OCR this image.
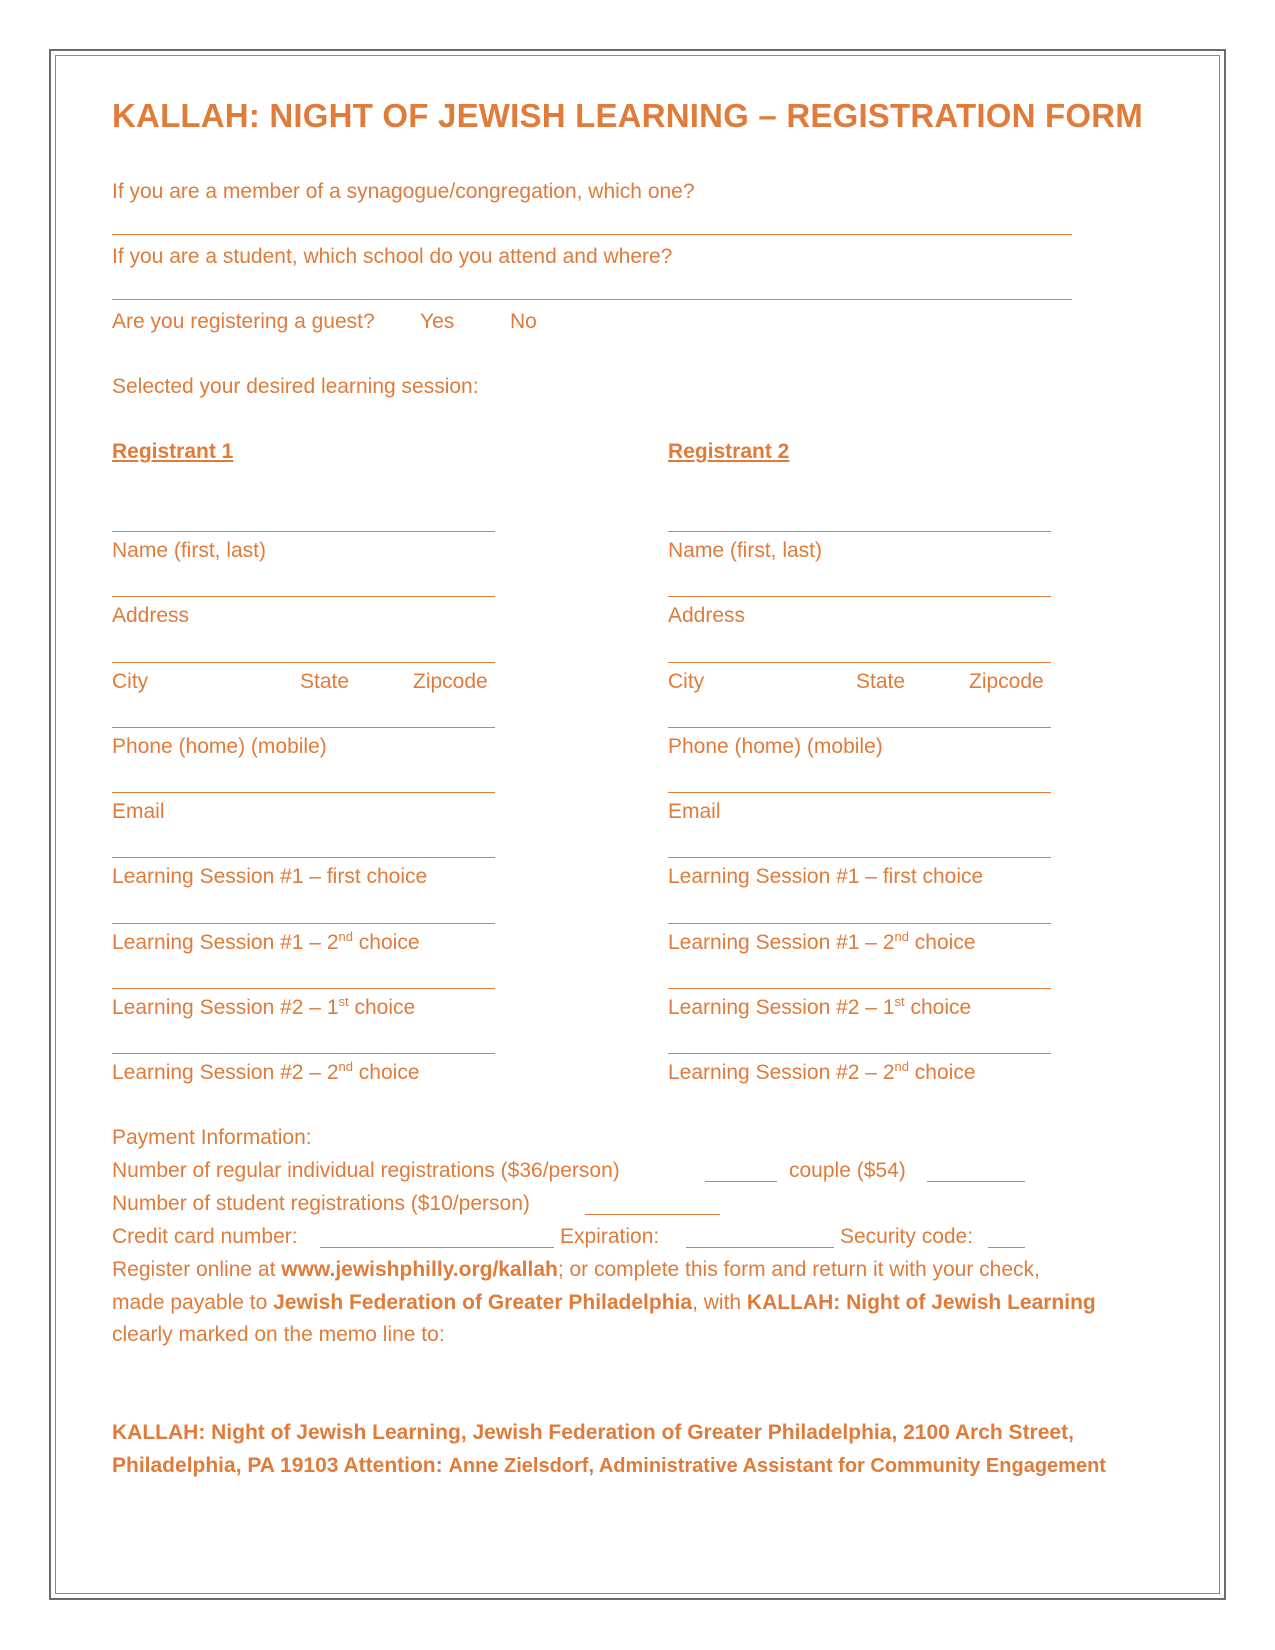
KALLAH: NIGHT OF JEWISH LEARNING – REGISTRATION FORM
If you are a member of a synagogue/congregation, which one?
If you are a student, which school do you attend and where?
Are you registering a guest? Yes	No
Selected your desired learning session:
Registrant 1
Name (first, last)
Address
City	State	Zipcode
Phone (home) (mobile)
Email
Learning Session #1 – first choice
Learning Session #1 – 2nd choice
Learning Session #2 – 1st choice
Learning Session #2 – 2nd choice
Registrant 2
Name (first, last)
Address
City	State	Zipcode
Phone (home) (mobile)
Email
Learning Session #1 – first choice
Learning Session #1 – 2nd choice
Learning Session #2 – 1st choice
Learning Session #2 – 2nd choice
Payment Information:
Number of regular individual registrations ($36/person)	couple ($54)
Number of student registrations ($10/person)
Credit card number:	Expiration:	Security code:
Register online at www.jewishphilly.org/kallah; or complete this form and return it with your check,
made payable to Jewish Federation of Greater Philadelphia, with KALLAH: Night of Jewish Learning
clearly marked on the memo line to:
KALLAH: Night of Jewish Learning, Jewish Federation of Greater Philadelphia, 2100 Arch Street,
Philadelphia, PA 19103 Attention: Anne Zielsdorf, Administrative Assistant for Community Engagement
